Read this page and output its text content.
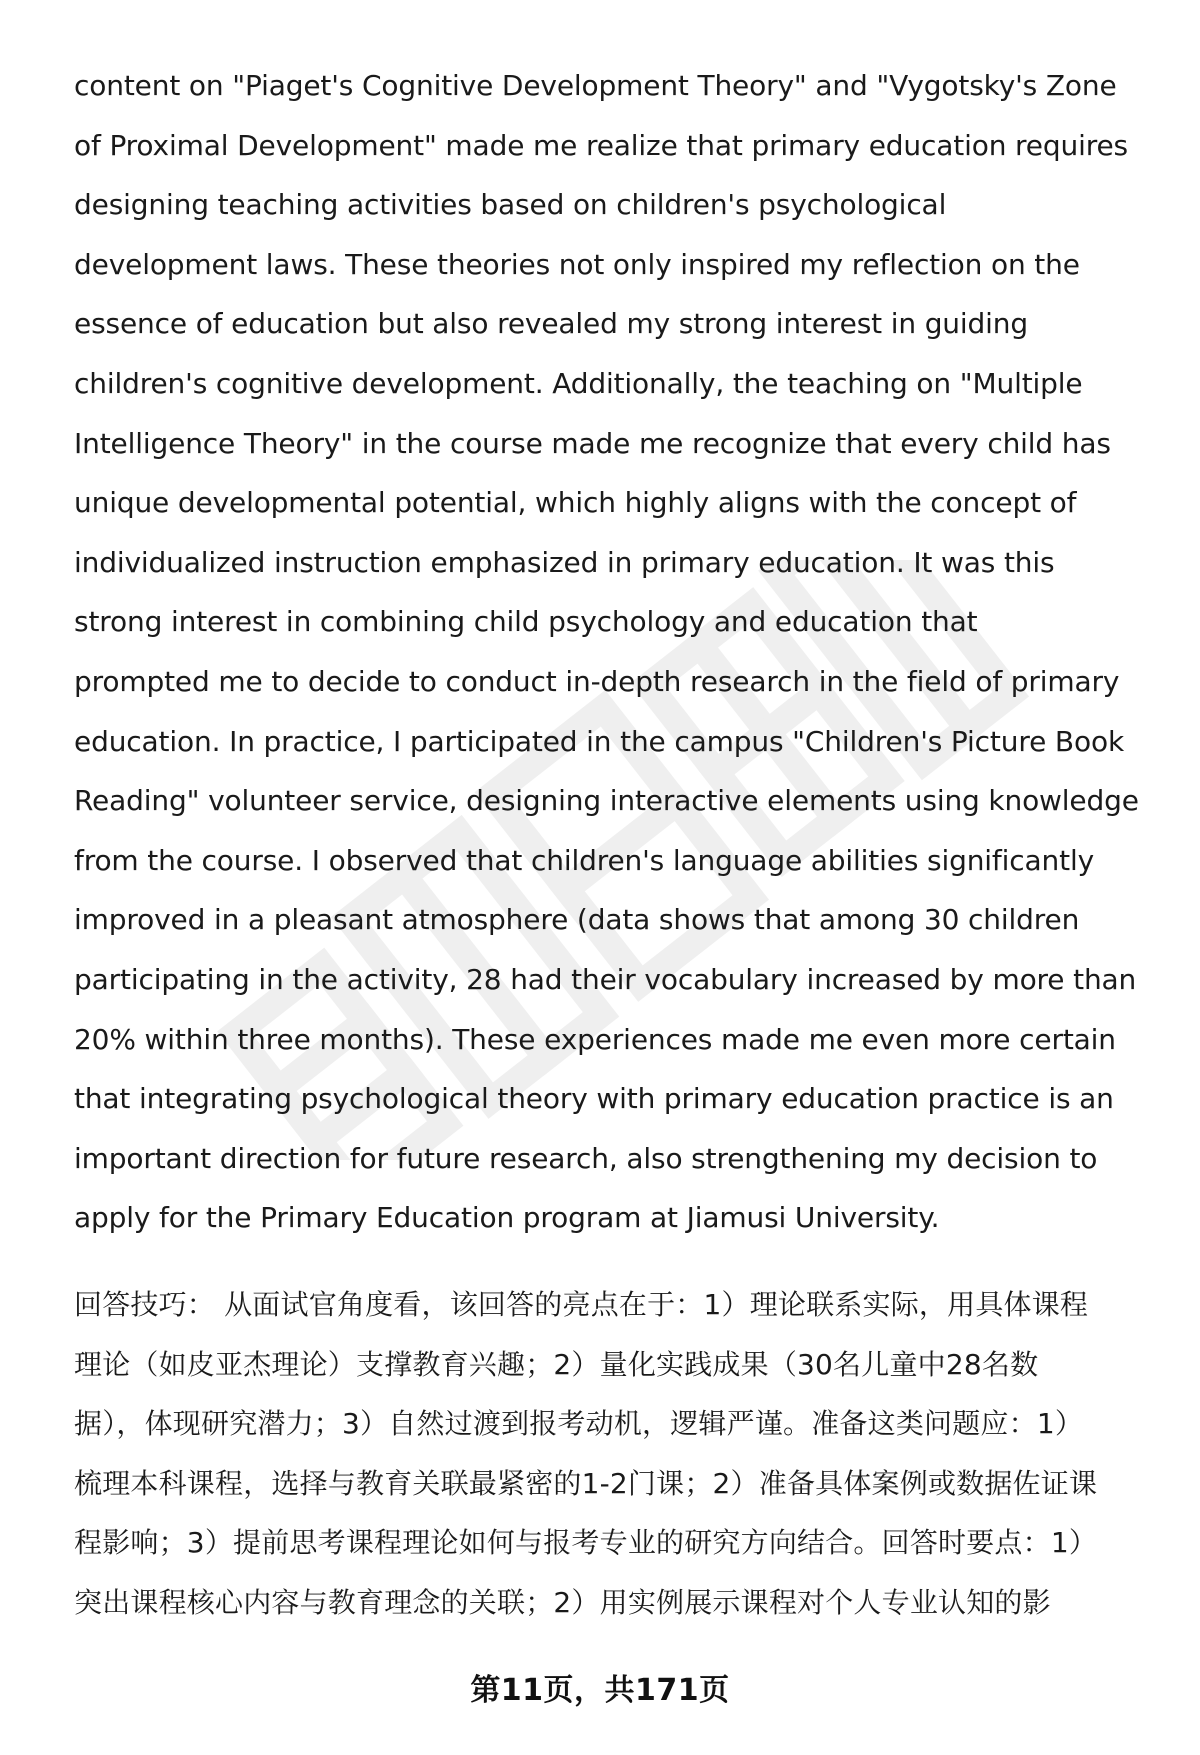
content on "Piaget's Cognitive Development Theory" and "Vygotsky's Zone
of Proximal Development" made me realize that primary education requires
designing teaching activities based on children's psychological
development laws. These theories not only inspired my reflection on the
essence of education but also revealed my strong interest in guiding
children's cognitive development. Additionally, the teaching on "Multiple
Intelligence Theory" in the course made me recognize that every child has
unique developmental potential, which highly aligns with the concept of
individualized instruction emphasized in primary education. It was this
strong interest in combining child psychology and education that
prompted me to decide to conduct in-depth research in the field of primary
education. In practice, I participated in the campus "Children's Picture Book
Reading" volunteer service, designing interactive elements using knowledge
from the course. I observed that children's language abilities significantly
improved in a pleasant atmosphere (data shows that among 30 children
participating in the activity, 28 had their vocabulary increased by more than
20% within three months). These experiences made me even more certain
that integrating psychological theory with primary education practice is an
important direction for future research, also strengthening my decision to
apply for the Primary Education program at Jiamusi University.
回答技巧： 从面试官角度看，该回答的亮点在于：1）理论联系实际，用具体课程
理论（如皮亚杰理论）支撑教育兴趣；2）量化实践成果（30名儿童中28名数
据），体现研究潜力；3）自然过渡到报考动机，逻辑严谨。准备这类问题应：1）
梳理本科课程，选择与教育关联最紧密的1-2门课；2）准备具体案例或数据佐证课
程影响；3）提前思考课程理论如何与报考专业的研究方向结合。回答时要点：1）
突出课程核心内容与教育理念的关联；2）用实例展示课程对个人专业认知的影
第11页，共171页
